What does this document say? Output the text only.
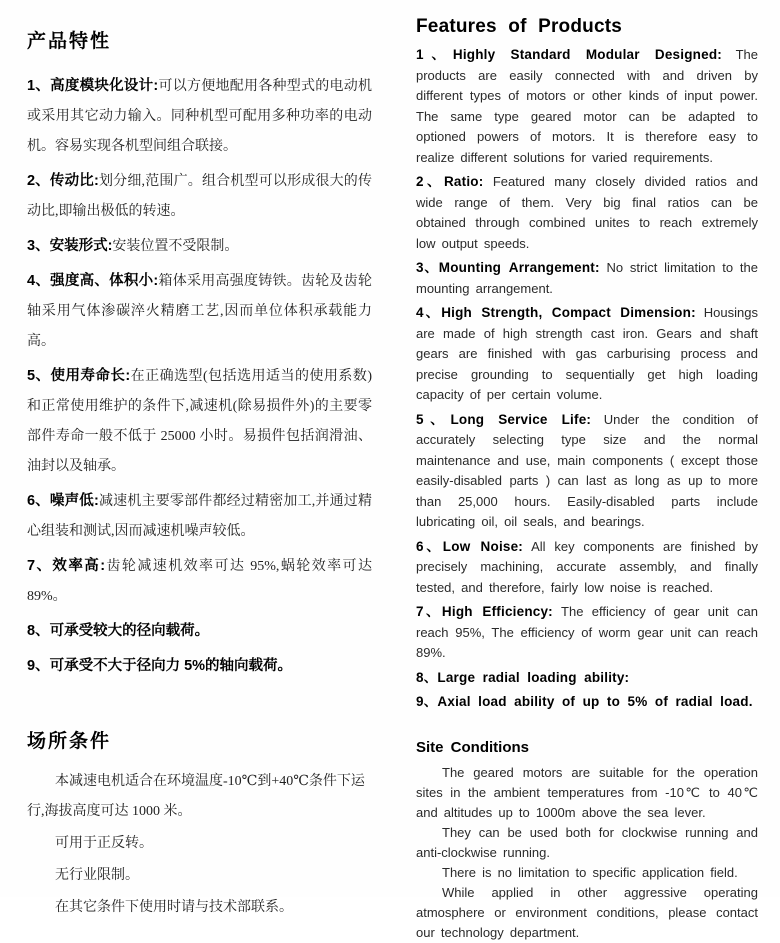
产品特性

1、高度模块化设计:可以方便地配用各种型式的电动机或采用其它动力输入。同种机型可配用多种功率的电动机。容易实现各机型间组合联接。

2、传动比:划分细,范围广。组合机型可以形成很大的传动比,即输出极低的转速。

3、安装形式:安装位置不受限制。

4、强度高、体积小:箱体采用高强度铸铁。齿轮及齿轮轴采用气体渗碳淬火精磨工艺,因而单位体积承载能力高。

5、使用寿命长:在正确选型(包括选用适当的使用系数)和正常使用维护的条件下,减速机(除易损件外)的主要零部件寿命一般不低于 25000 小时。易损件包括润滑油、油封以及轴承。

6、噪声低:减速机主要零部件都经过精密加工,并通过精心组装和测试,因而减速机噪声较低。

7、效率高:齿轮减速机效率可达 95%,蜗轮效率可达 89%。

8、可承受较大的径向载荷。

9、可承受不大于径向力 5%的轴向载荷。

场所条件

本减速电机适合在环境温度-10℃到+40℃条件下运行,海拔高度可达 1000 米。

可用于正反转。

无行业限制。

在其它条件下使用时请与技术部联系。

Features of Products

1、Highly Standard Modular Designed: The products are easily connected with and driven by different types of motors or other kinds of input power. The same type geared motor can be adapted to optioned powers of motors. It is therefore easy to realize different solutions for varied requirements.

2、Ratio: Featured many closely divided ratios and wide range of them. Very big final ratios can be obtained through combined unites to reach extremely low output speeds.

3、Mounting Arrangement: No strict limitation to the mounting arrangement.

4、High Strength, Compact Dimension: Housings are made of high strength cast iron. Gears and shaft gears are finished with gas carburising process and precise grounding to sequentially get high loading capacity of per certain volume.

5、Long Service Life: Under the condition of accurately selecting type size and the normal maintenance and use, main components ( except those easily-disabled parts ) can last as long as up to more than 25,000 hours. Easily-disabled parts include lubricating oil, oil seals, and bearings.

6、Low Noise: All key components are finished by precisely machining, accurate assembly, and finally tested, and therefore, fairly low noise is reached.

7、High Efficiency: The efficiency of gear unit can reach 95%, The efficiency of worm gear unit can reach 89%.

8、Large radial loading ability:

9、Axial load ability of up to 5% of radial load.

Site Conditions

The geared motors are suitable for the operation sites in the ambient temperatures from -10℃ to 40℃ and altitudes up to 1000m above the sea lever.

They can be used both for clockwise running and anti-clockwise running.

There is no limitation to specific application field.

While applied in other aggressive operating atmosphere or environment conditions, please contact our technology department.
